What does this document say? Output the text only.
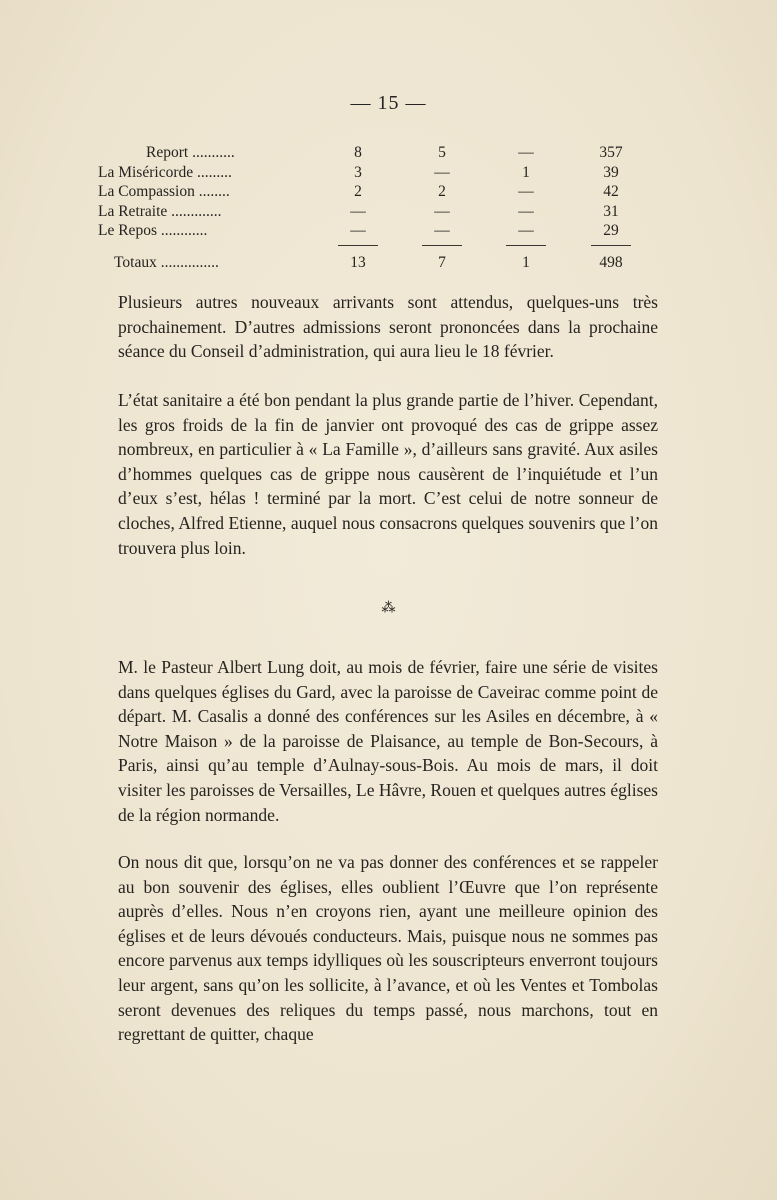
— 15 —
Report ...........	8	5	—	357
La Miséricorde .........	3	—	1	39
La Compassion ........	2	2	—	42
La Retraite .............	—	—	—	31
Le Repos ............	—	—	—	29
Totaux ...............	13	7	1	498

Plusieurs autres nouveaux arrivants sont attendus, quelques-uns très prochainement. D’autres admissions seront prononcées dans la prochaine séance du Conseil d’administration, qui aura lieu le 18 février.

L’état sanitaire a été bon pendant la plus grande partie de l’hiver. Cependant, les gros froids de la fin de janvier ont provoqué des cas de grippe assez nombreux, en particulier à « La Famille », d’ailleurs sans gravité. Aux asiles d’hommes quelques cas de grippe nous causèrent de l’inquiétude et l’un d’eux s’est, hélas ! terminé par la mort. C’est celui de notre sonneur de cloches, Alfred Etienne, auquel nous consacrons quelques souvenirs que l’on trouvera plus loin.

⁂

M. le Pasteur Albert Lung doit, au mois de février, faire une série de visites dans quelques églises du Gard, avec la paroisse de Caveirac comme point de départ. M. Casalis a donné des conférences sur les Asiles en décembre, à « Notre Maison » de la paroisse de Plaisance, au temple de Bon-Secours, à Paris, ainsi qu’au temple d’Aulnay-sous-Bois. Au mois de mars, il doit visiter les paroisses de Versailles, Le Hâvre, Rouen et quelques autres églises de la région normande.

On nous dit que, lorsqu’on ne va pas donner des conférences et se rappeler au bon souvenir des églises, elles oublient l’Œuvre que l’on représente auprès d’elles. Nous n’en croyons rien, ayant une meilleure opinion des églises et de leurs dévoués conducteurs. Mais, puisque nous ne sommes pas encore parvenus aux temps idylliques où les souscripteurs enverront toujours leur argent, sans qu’on les sollicite, à l’avance, et où les Ventes et Tombolas seront devenues des reliques du temps passé, nous marchons, tout en regrettant de quitter, chaque
